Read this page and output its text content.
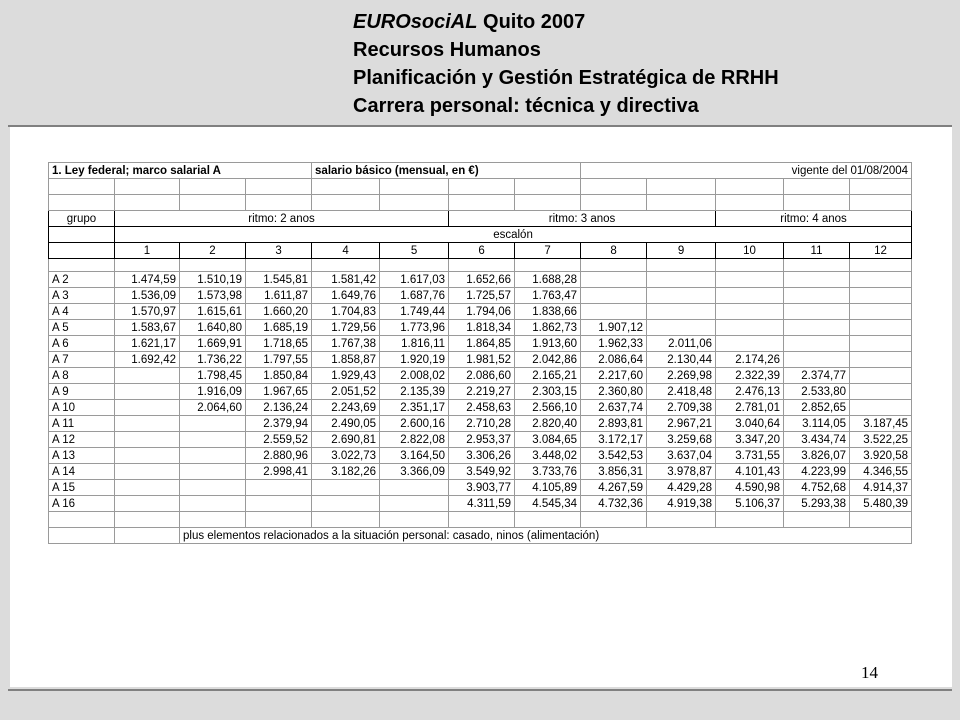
EUROsociAL Quito 2007
Recursos Humanos
Planificación y Gestión Estratégica de RRHH
Carrera personal: técnica y directiva
14
1. Ley federal; marco salarial A				salario básico (mensual, en €)				vigente del 01/08/2004				

grupo	ritmo: 2 anos					ritmo: 3 anos				ritmo: 4 anos		
	escalón											
	1	2	3	4	5	6	7	8	9	10	11	12

A 2	1.474,59	1.510,19	1.545,81	1.581,42	1.617,03	1.652,66	1.688,28					
A 3	1.536,09	1.573,98	1.611,87	1.649,76	1.687,76	1.725,57	1.763,47					
A 4	1.570,97	1.615,61	1.660,20	1.704,83	1.749,44	1.794,06	1.838,66					
A 5	1.583,67	1.640,80	1.685,19	1.729,56	1.773,96	1.818,34	1.862,73	1.907,12				
A 6	1.621,17	1.669,91	1.718,65	1.767,38	1.816,11	1.864,85	1.913,60	1.962,33	2.011,06			
A 7	1.692,42	1.736,22	1.797,55	1.858,87	1.920,19	1.981,52	2.042,86	2.086,64	2.130,44	2.174,26		
A 8		1.798,45	1.850,84	1.929,43	2.008,02	2.086,60	2.165,21	2.217,60	2.269,98	2.322,39	2.374,77	
A 9		1.916,09	1.967,65	2.051,52	2.135,39	2.219,27	2.303,15	2.360,80	2.418,48	2.476,13	2.533,80	
A 10		2.064,60	2.136,24	2.243,69	2.351,17	2.458,63	2.566,10	2.637,74	2.709,38	2.781,01	2.852,65	
A 11			2.379,94	2.490,05	2.600,16	2.710,28	2.820,40	2.893,81	2.967,21	3.040,64	3.114,05	3.187,45
A 12			2.559,52	2.690,81	2.822,08	2.953,37	3.084,65	3.172,17	3.259,68	3.347,20	3.434,74	3.522,25
A 13			2.880,96	3.022,73	3.164,50	3.306,26	3.448,02	3.542,53	3.637,04	3.731,55	3.826,07	3.920,58
A 14			2.998,41	3.182,26	3.366,09	3.549,92	3.733,76	3.856,31	3.978,87	4.101,43	4.223,99	4.346,55
A 15						3.903,77	4.105,89	4.267,59	4.429,28	4.590,98	4.752,68	4.914,37
A 16						4.311,59	4.545,34	4.732,36	4.919,38	5.106,37	5.293,38	5.480,39

		plus elementos relacionados a la situación personal: casado, ninos (alimentación)										
